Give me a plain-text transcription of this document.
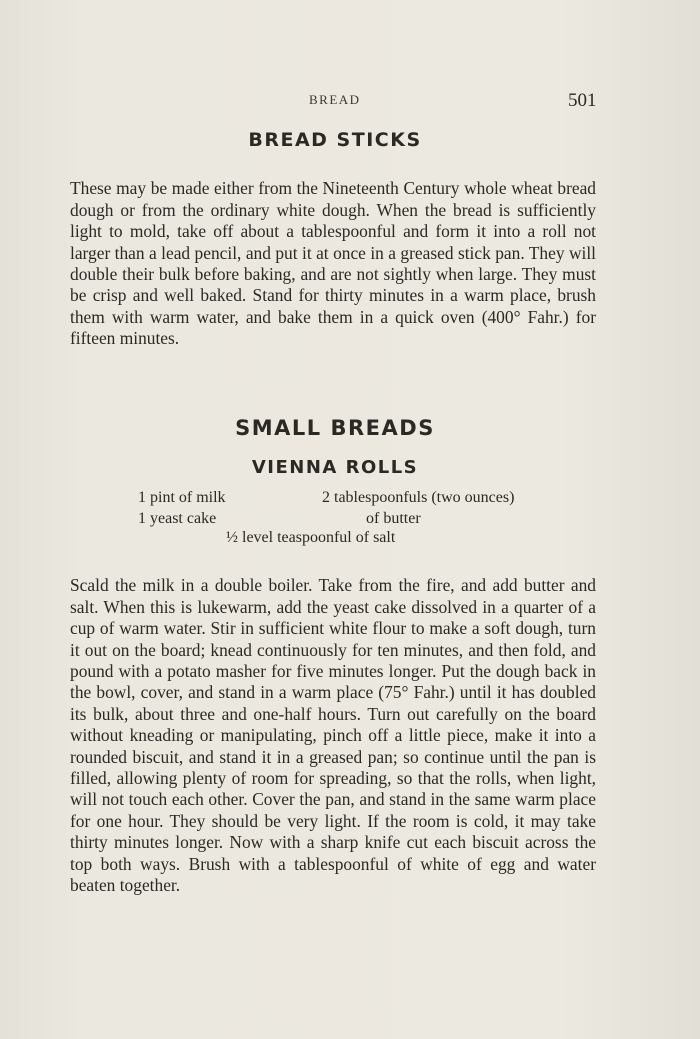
BREAD	501
BREAD STICKS

These may be made either from the Nineteenth Century whole wheat bread dough or from the ordinary white dough. When the bread is sufficiently light to mold, take off about a tablespoonful and form it into a roll not larger than a lead pencil, and put it at once in a greased stick pan. They will double their bulk before baking, and are not sightly when large. They must be crisp and well baked. Stand for thirty minutes in a warm place, brush them with warm water, and bake them in a quick oven (400° Fahr.) for fifteen minutes.

SMALL BREADS
VIENNA ROLLS
1 pint of milk	2 tablespoonfuls (two ounces)
1 yeast cake	of butter
½ level teaspoonful of salt

Scald the milk in a double boiler. Take from the fire, and add butter and salt. When this is lukewarm, add the yeast cake dissolved in a quarter of a cup of warm water. Stir in sufficient white flour to make a soft dough, turn it out on the board; knead continuously for ten minutes, and then fold, and pound with a potato masher for five minutes longer. Put the dough back in the bowl, cover, and stand in a warm place (75° Fahr.) until it has doubled its bulk, about three and one-half hours. Turn out carefully on the board without kneading or manipulating, pinch off a little piece, make it into a rounded biscuit, and stand it in a greased pan; so continue until the pan is filled, allowing plenty of room for spreading, so that the rolls, when light, will not touch each other. Cover the pan, and stand in the same warm place for one hour. They should be very light. If the room is cold, it may take thirty minutes longer. Now with a sharp knife cut each biscuit across the top both ways. Brush with a tablespoonful of white of egg and water beaten together.
